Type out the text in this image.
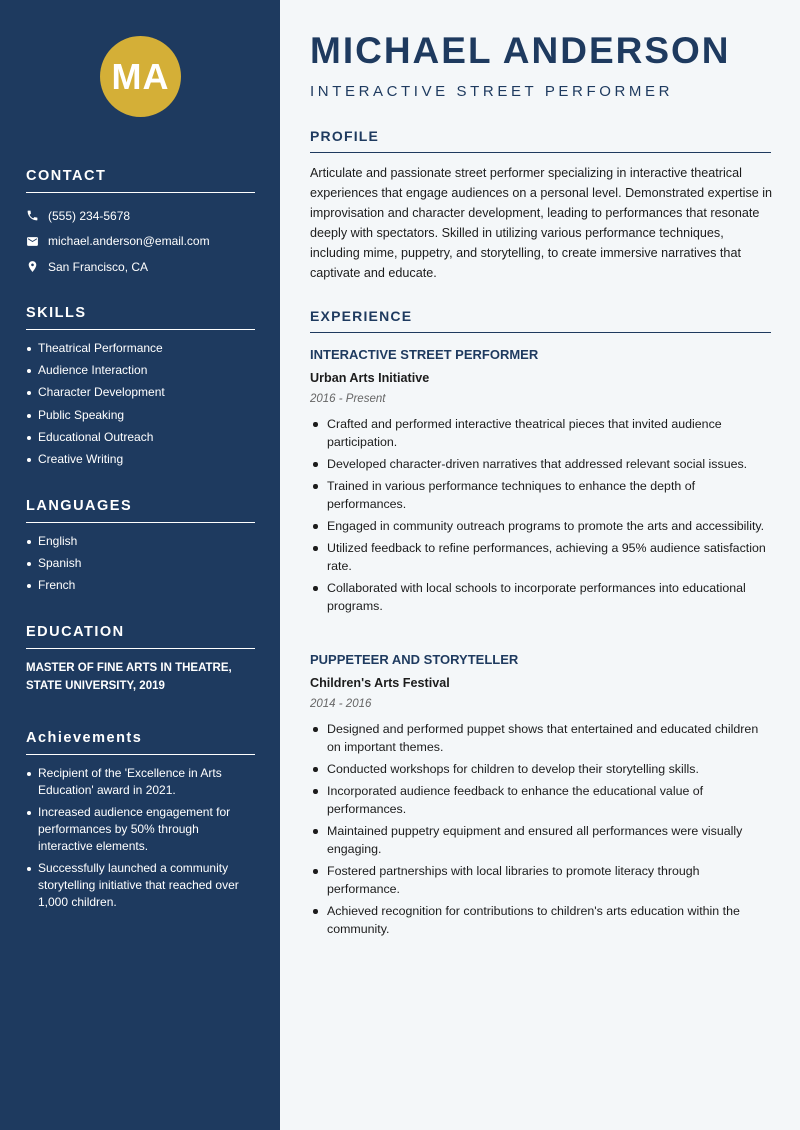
MA
CONTACT
(555) 234-5678
michael.anderson@email.com
San Francisco, CA
SKILLS
Theatrical Performance
Audience Interaction
Character Development
Public Speaking
Educational Outreach
Creative Writing
LANGUAGES
English
Spanish
French
EDUCATION
MASTER OF FINE ARTS IN THEATRE, STATE UNIVERSITY, 2019
Achievements
Recipient of the 'Excellence in Arts Education' award in 2021.
Increased audience engagement for performances by 50% through interactive elements.
Successfully launched a community storytelling initiative that reached over 1,000 children.
MICHAEL ANDERSON
INTERACTIVE STREET PERFORMER
PROFILE
Articulate and passionate street performer specializing in interactive theatrical experiences that engage audiences on a personal level. Demonstrated expertise in improvisation and character development, leading to performances that resonate deeply with spectators. Skilled in utilizing various performance techniques, including mime, puppetry, and storytelling, to create immersive narratives that captivate and educate.
EXPERIENCE
INTERACTIVE STREET PERFORMER
Urban Arts Initiative
2016 - Present
Crafted and performed interactive theatrical pieces that invited audience participation.
Developed character-driven narratives that addressed relevant social issues.
Trained in various performance techniques to enhance the depth of performances.
Engaged in community outreach programs to promote the arts and accessibility.
Utilized feedback to refine performances, achieving a 95% audience satisfaction rate.
Collaborated with local schools to incorporate performances into educational programs.
PUPPETEER AND STORYTELLER
Children's Arts Festival
2014 - 2016
Designed and performed puppet shows that entertained and educated children on important themes.
Conducted workshops for children to develop their storytelling skills.
Incorporated audience feedback to enhance the educational value of performances.
Maintained puppetry equipment and ensured all performances were visually engaging.
Fostered partnerships with local libraries to promote literacy through performance.
Achieved recognition for contributions to children's arts education within the community.
